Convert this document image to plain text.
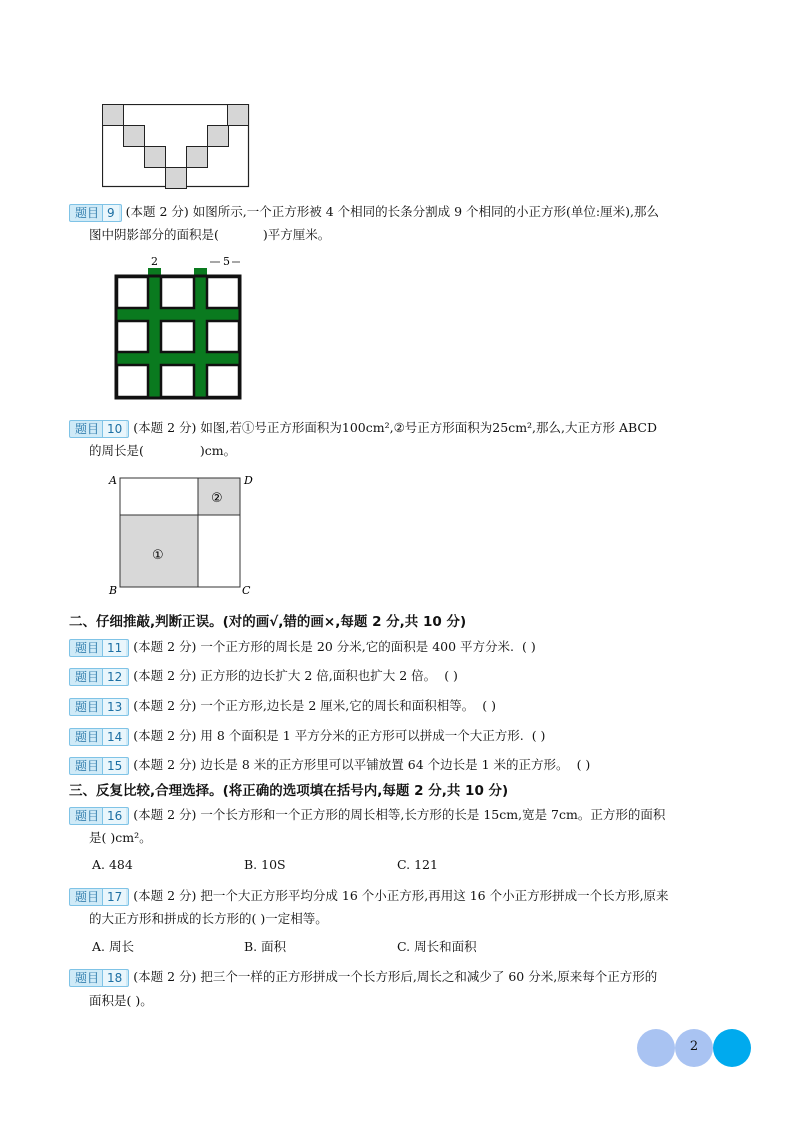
题目 9 (本题 2 分) 如图所示,一个正方形被 4 个相同的长条分割成 9 个相同的小正方形(单位:厘米),那么
图中阴影部分的面积是(	)平方厘米。
2	5
题目 10 (本题 2 分) 如图,若①号正方形面积为100cm²,②号正方形面积为25cm²,那么,大正方形 ABCD
的周长是(	)cm。
A	D
B	C
①
②
二、仔细推敲,判断正误。(对的画√,错的画×,每题 2 分,共 10 分)
题目 11 (本题 2 分) 一个正方形的周长是 20 分米,它的面积是 400 平方分米. ( )
题目 12 (本题 2 分) 正方形的边长扩大 2 倍,面积也扩大 2 倍。 ( )
题目 13 (本题 2 分) 一个正方形,边长是 2 厘米,它的周长和面积相等。 ( )
题目 14 (本题 2 分) 用 8 个面积是 1 平方分米的正方形可以拼成一个大正方形. ( )
题目 15 (本题 2 分) 边长是 8 米的正方形里可以平铺放置 64 个边长是 1 米的正方形。 ( )
三、反复比较,合理选择。(将正确的选项填在括号内,每题 2 分,共 10 分)
题目 16 (本题 2 分) 一个长方形和一个正方形的周长相等,长方形的长是 15cm,宽是 7cm。正方形的面积
是( )cm²。
A. 484	B. 10S	C. 121
题目 17 (本题 2 分) 把一个大正方形平均分成 16 个小正方形,再用这 16 个小正方形拼成一个长方形,原来
的大正方形和拼成的长方形的( )一定相等。
A. 周长	B. 面积	C. 周长和面积
题目 18 (本题 2 分) 把三个一样的正方形拼成一个长方形后,周长之和减少了 60 分米,原来每个正方形的
面积是( )。
2
